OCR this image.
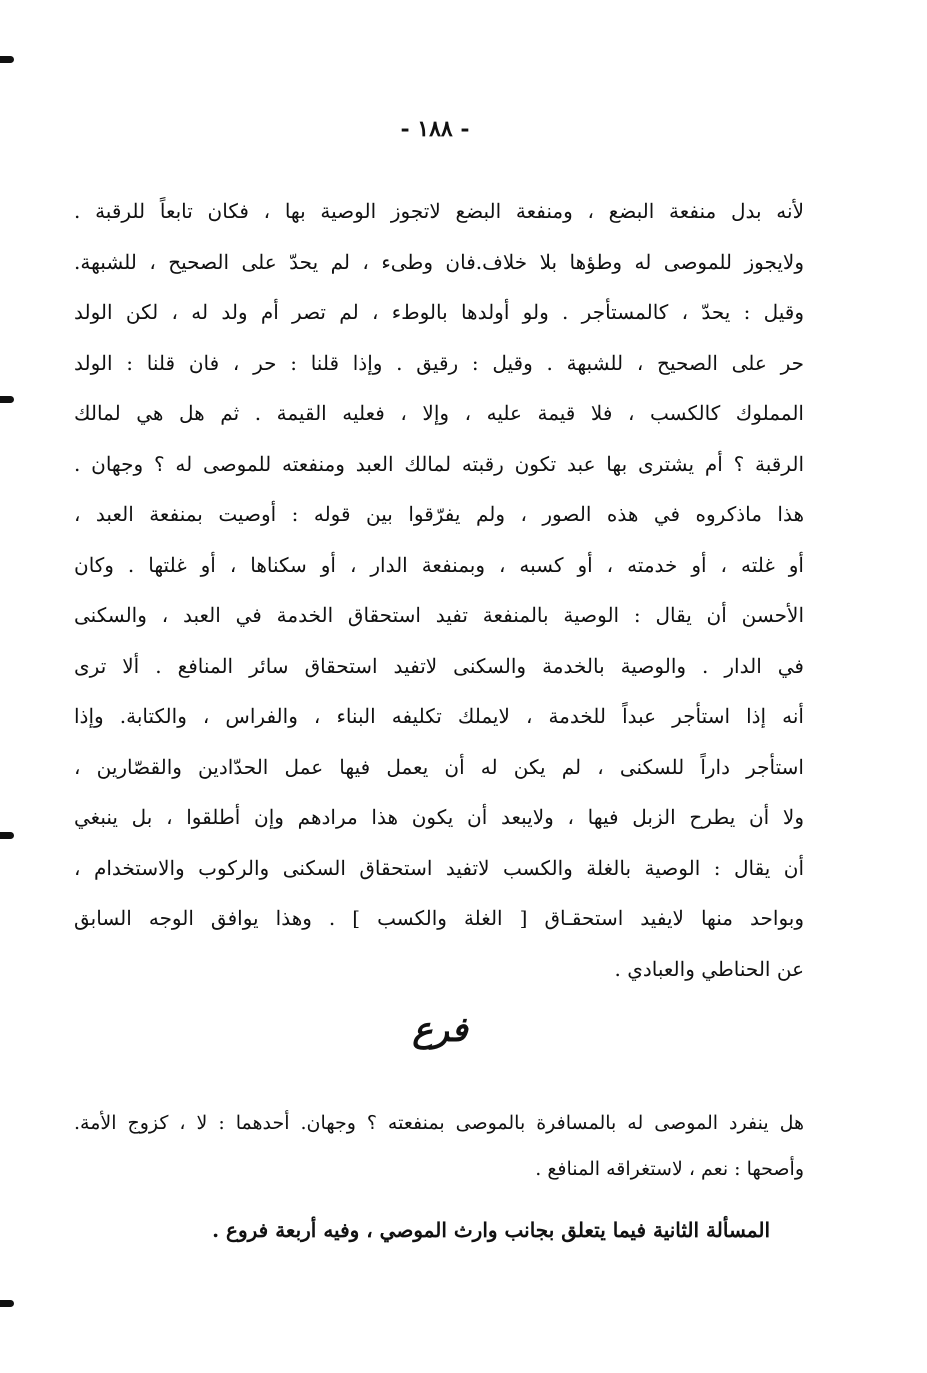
- ١٨٨ -
لأنه بدل منفعة البضع ، ومنفعة البضع لاتجوز الوصية بها ، فكان تابعاً للرقبة .
ولايجوز للموصى له وطؤها بلا خلاف.فان وطىء ، لم يحدّ على الصحيح ، للشبهة.
وقيل : يحدّ ، كالمستأجر . ولو أولدها بالوطء ، لم تصر أم ولد له ، لكن الولد
حر على الصحيح ، للشبهة . وقيل : رقيق . وإذا قلنا : حر ، فان قلنا : الولد
المملوك كالكسب ، فلا قيمة عليه ، وإلا ، فعليه القيمة . ثم هل هي لمالك
الرقبة ؟ أم يشترى بها عبد تكون رقبته لمالك العبد ومنفعته للموصى له ؟ وجهان .
هذا ماذكروه في هذه الصور ، ولم يفرّقوا بين قوله : أوصيت بمنفعة العبد ،
أو غلته ، أو خدمته ، أو كسبه ، وبمنفعة الدار ، أو سكناها ، أو غلتها . وكان
الأحسن أن يقال : الوصية بالمنفعة تفيد استحقاق الخدمة في العبد ، والسكنى
في الدار . والوصية بالخدمة والسكنى لاتفيد استحقاق سائر المنافع . ألا ترى
أنه إذا استأجر عبداً للخدمة ، لايملك تكليفه البناء ، والفراس ، والكتابة. وإذا
استأجر داراً للسكنى ، لم يكن له أن يعمل فيها عمل الحدّادين والقصّارين ،
ولا أن يطرح الزبل فيها ، ولايبعد أن يكون هذا مرادهم وإن أطلقوا ، بل ينبغي
أن يقال : الوصية بالغلة والكسب لاتفيد استحقاق السكنى والركوب والاستخدام ،
وبواحد منها لايفيد استحقـاق [ الغلة والكسب ] . وهذا يوافق الوجه السابق
عن الحناطي والعبادي .
فرع
هل ينفرد الموصى له بالمسافرة بالموصى بمنفعته ؟ وجهان. أحدهما : لا ، كزوج الأمة.
وأصحها : نعم ، لاستغراقه المنافع .
المسألة الثانية فيما يتعلق بجانب وارث الموصي ، وفيه أربعة فروع .
